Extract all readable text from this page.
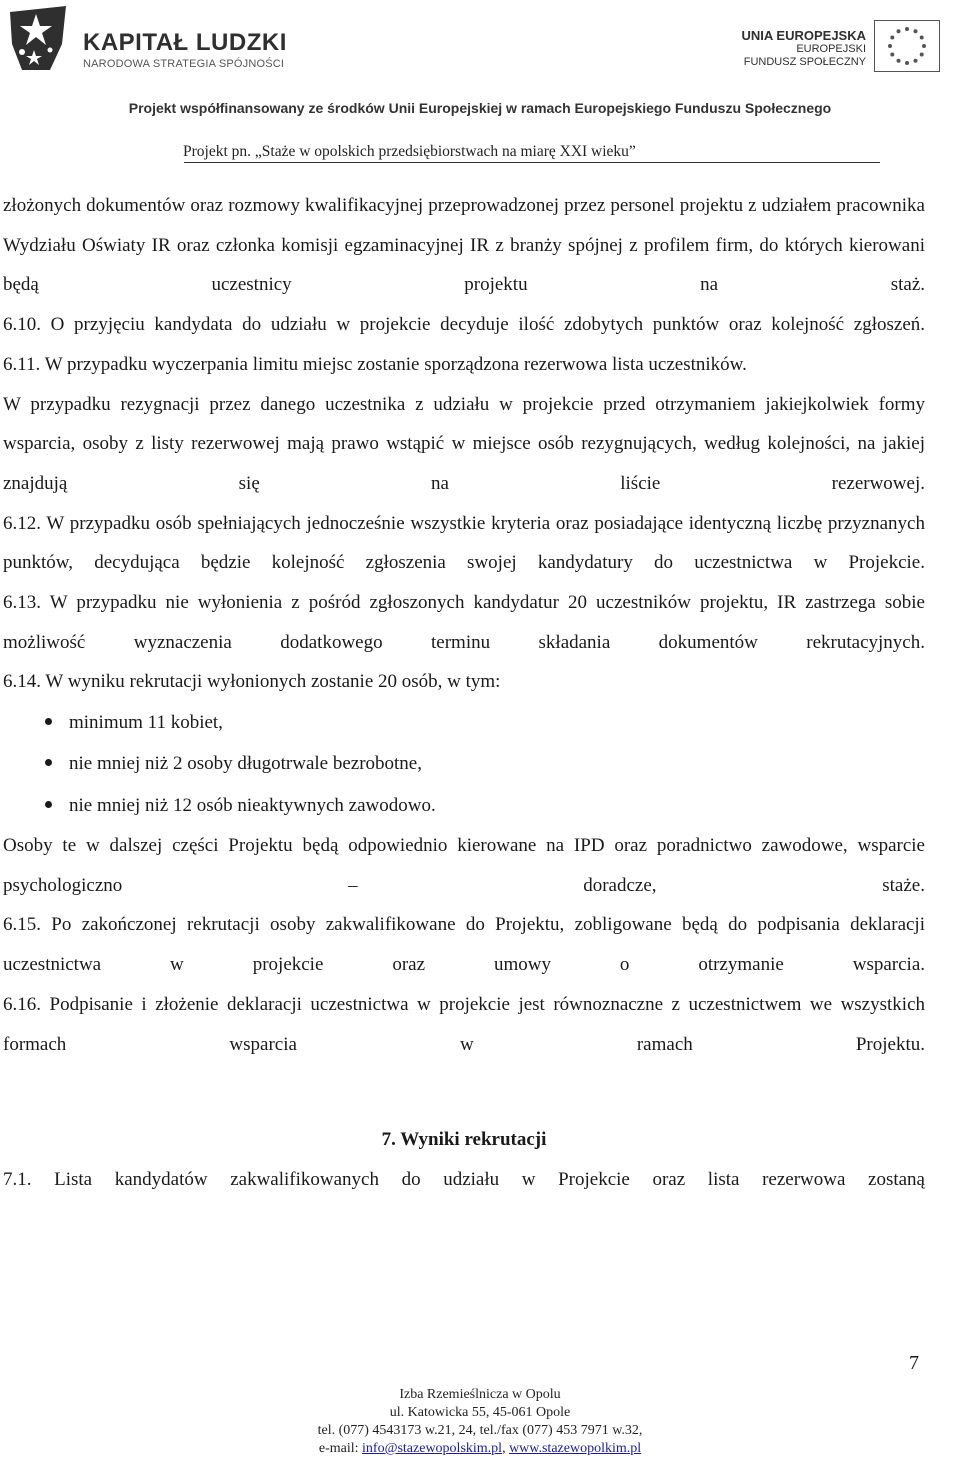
KAPITAŁ LUDZKI
NARODOWA STRATEGIA SPÓJNOŚCI
UNIA EUROPEJSKA
EUROPEJSKI
FUNDUSZ SPOŁECZNY
Projekt współfinansowany ze środków Unii Europejskiej w ramach Europejskiego Funduszu Społecznego
Projekt pn. „Staże w opolskich przedsiębiorstwach na miarę XXI wieku”

złożonych dokumentów oraz rozmowy kwalifikacyjnej przeprowadzonej przez personel projektu z udziałem pracownika Wydziału Oświaty IR oraz członka komisji egzaminacyjnej IR z branży spójnej z profilem firm, do których kierowani będą uczestnicy projektu na staż.

6.10. O przyjęciu kandydata do udziału w projekcie decyduje ilość zdobytych punktów oraz kolejność zgłoszeń.

6.11. W przypadku wyczerpania limitu miejsc zostanie sporządzona rezerwowa lista uczestników.

W przypadku rezygnacji przez danego uczestnika z udziału w projekcie przed otrzymaniem jakiejkolwiek formy wsparcia, osoby z listy rezerwowej mają prawo wstąpić w miejsce osób rezygnujących, według kolejności, na jakiej znajdują się na liście rezerwowej.

6.12. W przypadku osób spełniających jednocześnie wszystkie kryteria oraz posiadające identyczną liczbę przyznanych punktów, decydująca będzie kolejność zgłoszenia swojej kandydatury do uczestnictwa w Projekcie.

6.13. W przypadku nie wyłonienia z pośród zgłoszonych kandydatur 20 uczestników projektu, IR zastrzega sobie możliwość wyznaczenia dodatkowego terminu składania dokumentów rekrutacyjnych.

6.14. W wyniku rekrutacji wyłonionych zostanie 20 osób, w tym:

minimum 11 kobiet,
nie mniej niż 2 osoby długotrwale bezrobotne,
nie mniej niż 12 osób nieaktywnych zawodowo.

Osoby te w dalszej części Projektu będą odpowiednio kierowane na IPD oraz poradnictwo zawodowe, wsparcie psychologiczno – doradcze, staże.

6.15. Po zakończonej rekrutacji osoby zakwalifikowane do Projektu, zobligowane będą do podpisania deklaracji uczestnictwa w projekcie oraz umowy o otrzymanie wsparcia.

6.16. Podpisanie i złożenie deklaracji uczestnictwa w projekcie jest równoznaczne z uczestnictwem we wszystkich formach wsparcia w ramach Projektu.

7. Wyniki rekrutacji

7.1. Lista kandydatów zakwalifikowanych do udziału w Projekcie oraz lista rezerwowa zostaną

7
Izba Rzemieślnicza w Opolu
ul. Katowicka 55, 45-061 Opole
tel. (077) 4543173 w.21, 24, tel./fax (077) 453 7971 w.32,
e-mail: info@stazewopolskim.pl, www.stazewopolkim.pl
